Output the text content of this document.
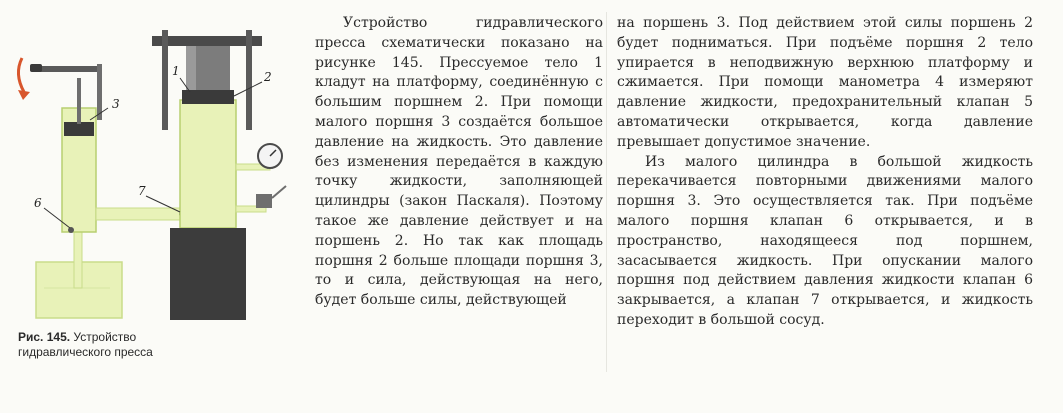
1	2
3
6
7
Рис. 145. Устройство гидравлического пресса

Устройство гидравлического пресса схематически показано на рисунке 145. Прессуемое тело 1 кладут на платформу, соединённую с большим поршнем 2. При помощи малого поршня 3 создаётся большое давление на жидкость. Это давление без изменения передаётся в каждую точку жидкости, заполняющей цилиндры (закон Паскаля). Поэтому такое же давление действует и на поршень 2. Но так как площадь поршня 2 больше площади поршня 3, то и сила, действующая на него, будет больше силы, действующей

на поршень 3. Под действием этой силы поршень 2 будет подниматься. При подъёме поршня 2 тело упирается в неподвижную верхнюю платформу и сжимается. При помощи манометра 4 измеряют давление жидкости, предохранительный клапан 5 автоматически открывается, когда давление превышает допустимое значение.

Из малого цилиндра в большой жидкость перекачивается повторными движениями малого поршня 3. Это осуществляется так. При подъёме малого поршня клапан 6 открывается, и в пространство, находящееся под поршнем, засасывается жидкость. При опускании малого поршня под действием давления жидкости клапан 6 закрывается, а клапан 7 открывается, и жидкость переходит в большой сосуд.
